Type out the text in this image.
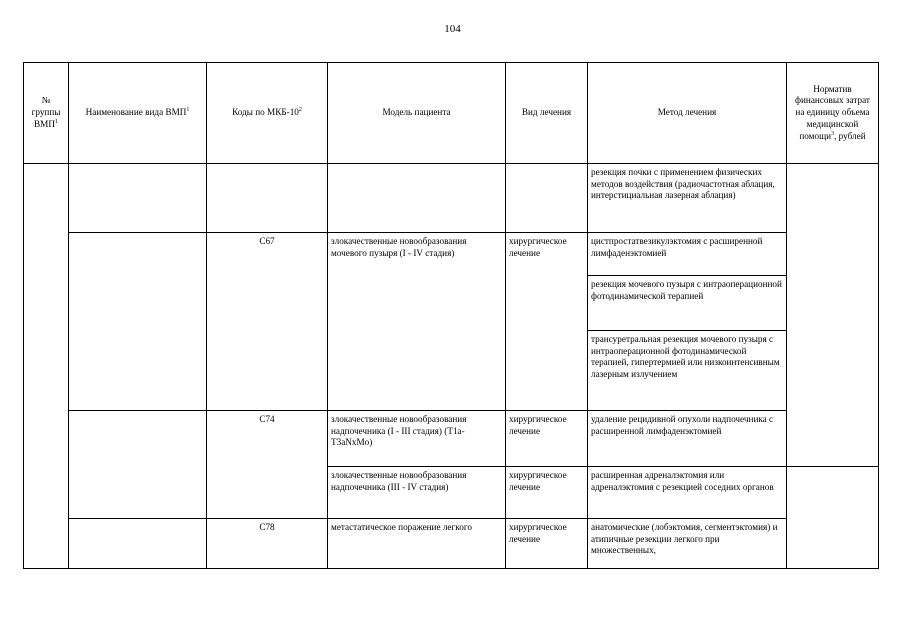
104
№ группы ВМП$^1$	Наименование вида ВМП$^1$	Коды по МКБ-$10^2$	Модель пациента	Вид лечения	Метод лечения	Норматив финансовых затрат на единицу объема медицинской помощи$^3$, рублей
					резекция почки с применением физических методов воздействия (радиочастотная аблация, интерстициальная лазерная аблация)	
		C67	злокачественные новообразования мочевого пузыря (I - IV стадия)	хирургическое лечение	цистпростатвезикулэктомия с расширенной лимфаденэктомией	
					резекция мочевого пузыря с интраоперационной фотодинамической терапией	
					трансуретральная резекция мочевого пузыря с интраоперационной фотодинамической терапией, гипертермией или низкоинтенсивным лазерным излучением	
		C74	злокачественные новообразования надпочечника (I - III стадия) (T1a-T3aNxMo)	хирургическое лечение	удаление рецидивной опухоли надпочечника с расширенной лимфаденэктомией	
			злокачественные новообразования надпочечника (III - IV стадия)	хирургическое лечение	расширенная адреналэктомия или адреналэктомия с резекцией соседних органов	
		C78	метастатическое поражение легкого	хирургическое лечение	анатомические (лобэктомия, сегментэктомия) и атипичные резекции легкого при множественных,	
